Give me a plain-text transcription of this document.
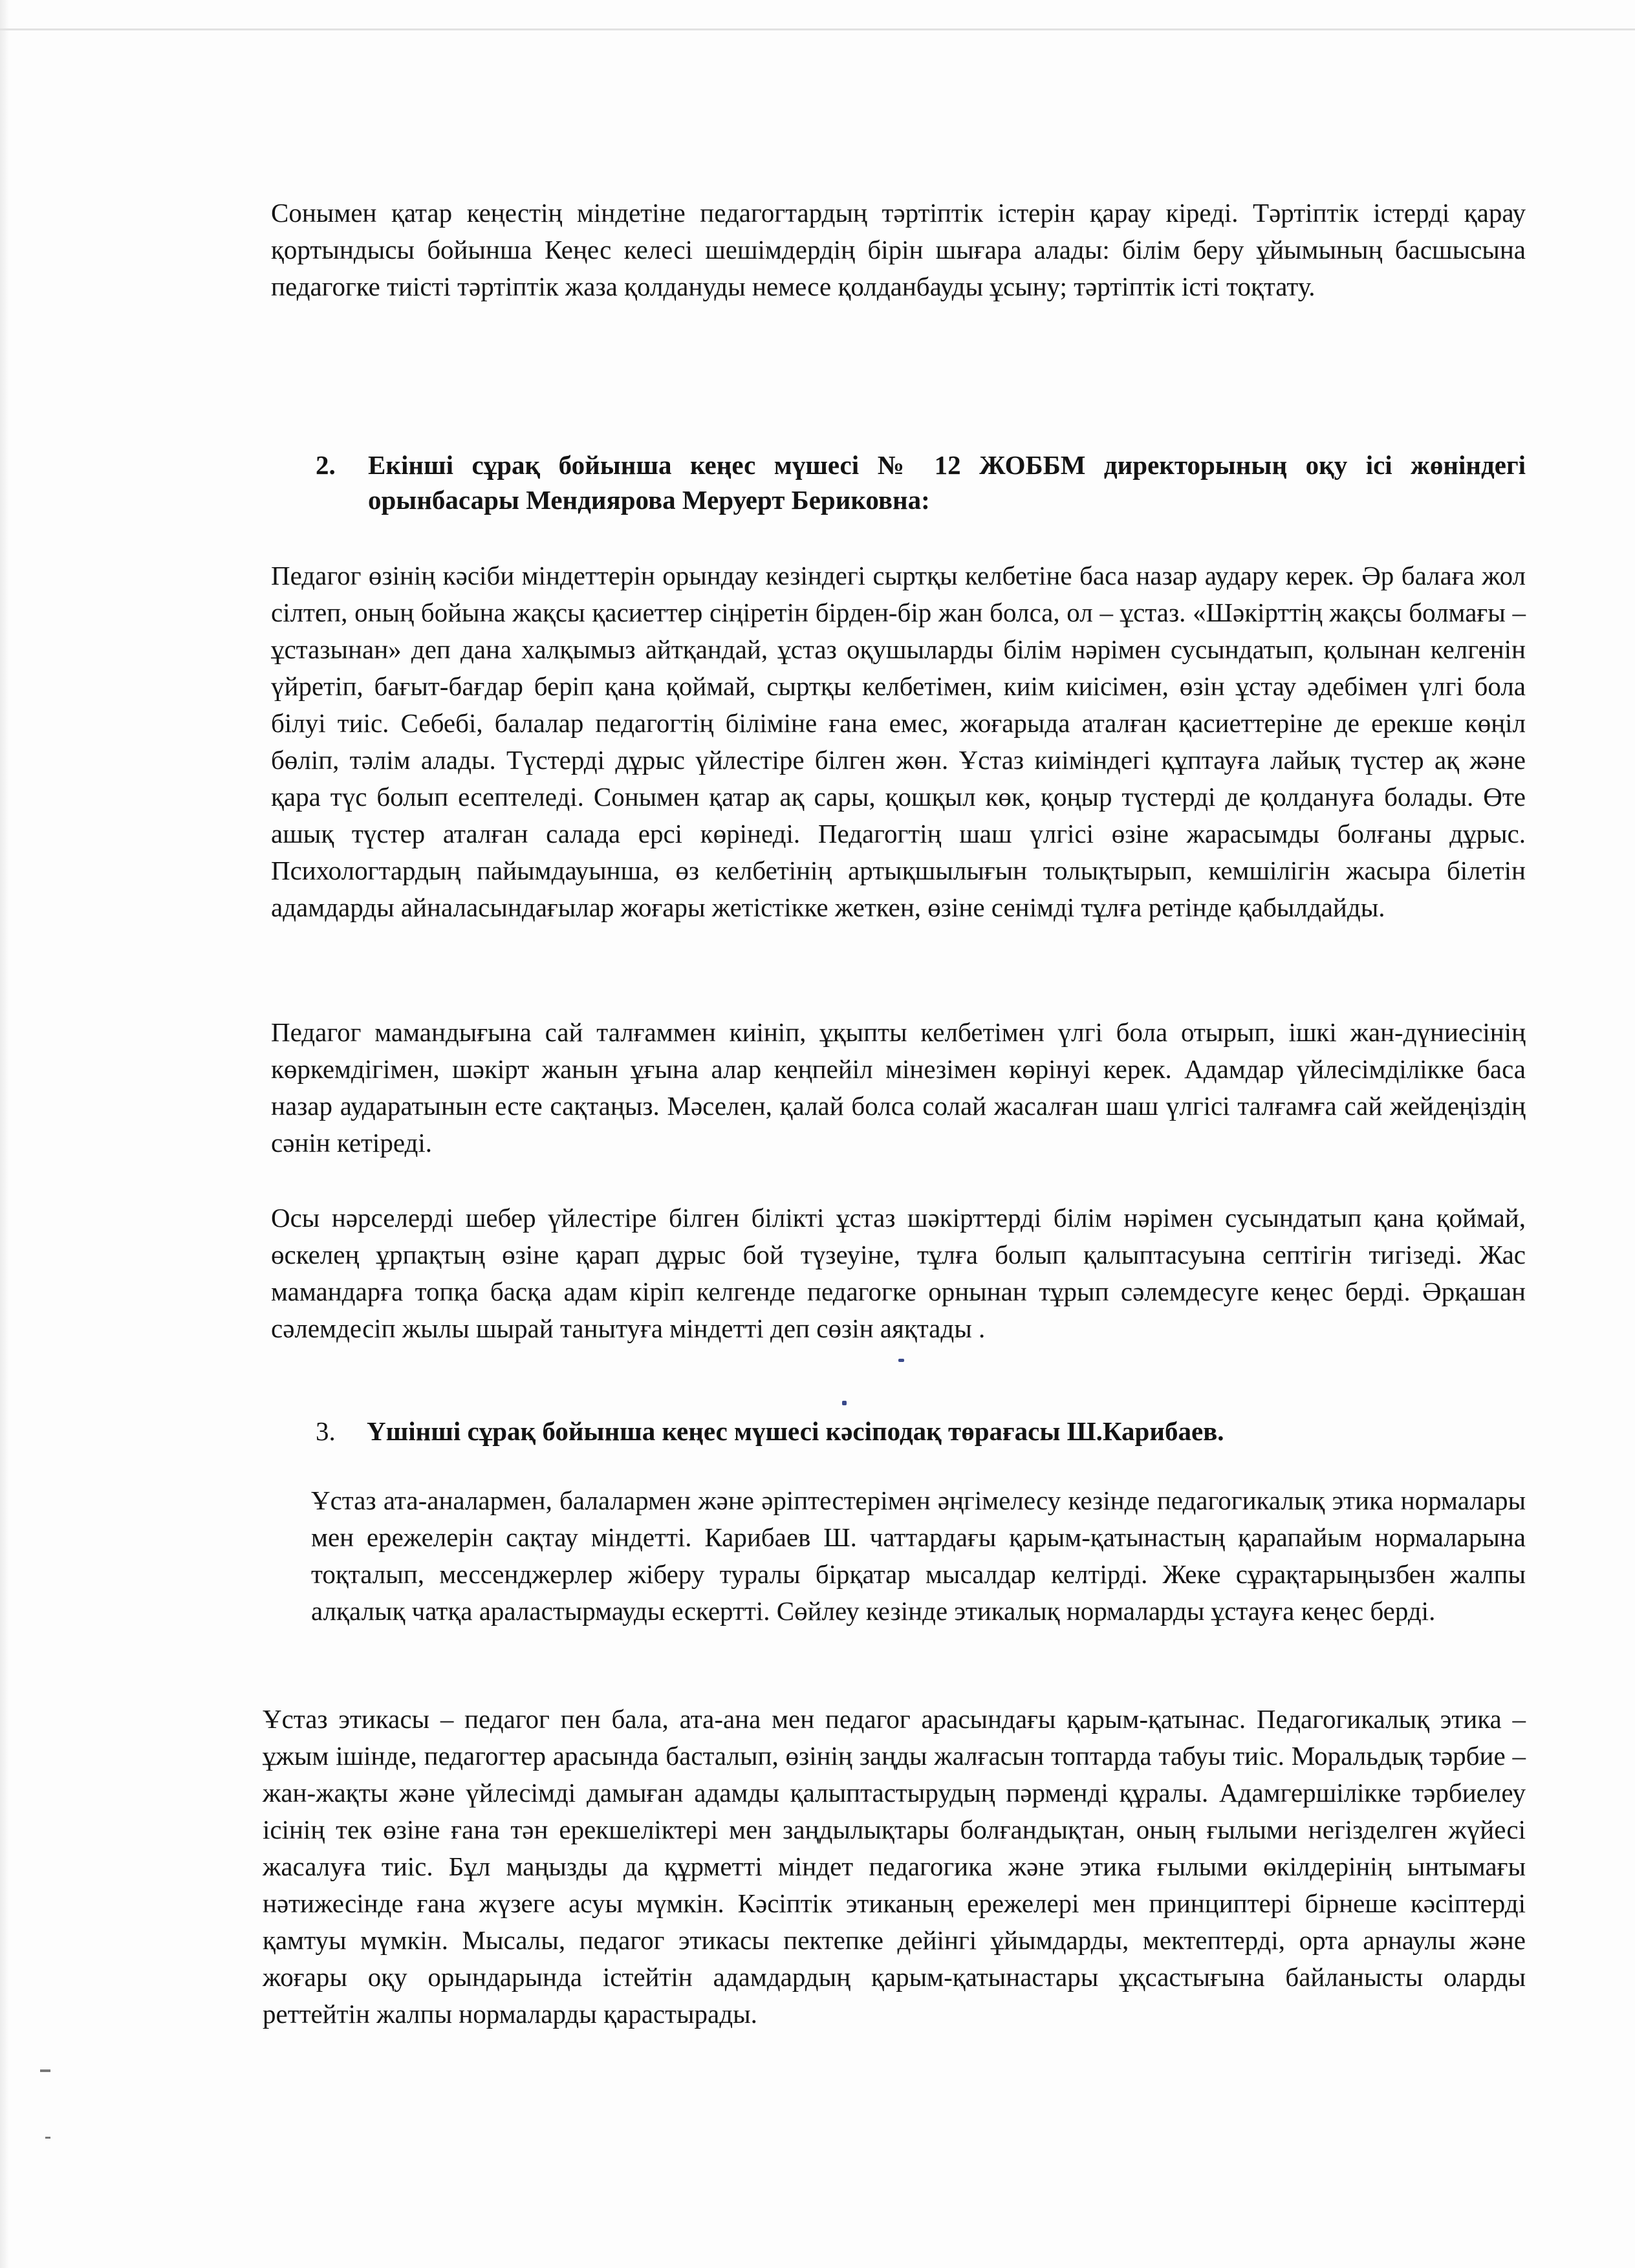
Сонымен қатар кеңестің міндетіне педагогтардың тәртіптік істерін қарау кіреді. Тәртіптік істерді қарау қортындысы бойынша Кеңес келесі шешімдердің бірін шығара алады: білім беру ұйымының басшысына педагогке тиісті тәртіптік жаза қолдануды немесе қолданбауды ұсыну; тәртіптік істі тоқтату.

2.	Екінші сұрақ бойынша кеңес мүшесі № 12 ЖОББМ директорының оқу ісі жөніндегі орынбасары Мендиярова Меруерт Бериковна:

Педагог өзінің кәсіби міндеттерін орындау кезіндегі сыртқы келбетіне баса назар аудару керек. Әр балаға жол сілтеп, оның бойына жақсы қасиеттер сіңіретін бірден-бір жан болса, ол – ұстаз. «Шәкірттің жақсы болмағы –ұстазынан» деп дана халқымыз айтқандай, ұстаз оқушыларды білім нәрімен сусындатып, қолынан келгенін үйретіп, бағыт-бағдар беріп қана қоймай, сыртқы келбетімен, киім киісімен, өзін ұстау әдебімен үлгі бола білуі тиіс. Себебі, балалар педагогтің біліміне ғана емес, жоғарыда аталған қасиеттеріне де ерекше көңіл бөліп, тәлім алады. Түстерді дұрыс үйлестіре білген жөн. Ұстаз киіміндегі құптауға лайық түстер ақ және қара түс болып есептеледі. Сонымен қатар ақ сары, қошқыл көк, қоңыр түстерді де қолдануға болады. Өте ашық түстер аталған салада ерсі көрінеді. Педагогтің шаш үлгісі өзіне жарасымды болғаны дұрыс. Психологтардың пайымдауынша, өз келбетінің артықшылығын толықтырып, кемшілігін жасыра білетін адамдарды айналасындағылар жоғары жетістікке жеткен, өзіне сенімді тұлға ретінде қабылдайды.

Педагог мамандығына сай талғаммен киініп, ұқыпты келбетімен үлгі бола отырып, ішкі жан-дүниесінің көркемдігімен, шәкірт жанын ұғына алар кеңпейіл мінезімен көрінуі керек. Адамдар үйлесімділікке баса назар аударатынын есте сақтаңыз. Мәселен, қалай болса солай жасалған шаш үлгісі талғамға сай жейдеңіздің сәнін кетіреді.

Осы нәрселерді шебер үйлестіре білген білікті ұстаз шәкірттерді білім нәрімен сусындатып қана қоймай, өскелең ұрпақтың өзіне қарап дұрыс бой түзеуіне, тұлға болып қалыптасуына септігін тигізеді. Жас мамандарға топқа басқа адам кіріп келгенде педагогке орнынан тұрып сәлемдесуге кеңес берді. Әрқашан сәлемдесіп жылы шырай танытуға міндетті деп сөзін аяқтады .

3.	Үшінші сұрақ бойынша кеңес мүшесі кәсіподақ төрағасы Ш.Карибаев.

Ұстаз ата-аналармен, балалармен және әріптестерімен әңгімелесу кезінде педагогикалық этика нормалары мен ережелерін сақтау міндетті. Карибаев Ш. чаттардағы қарым-қатынастың қарапайым нормаларына тоқталып, мессенджерлер жіберу туралы бірқатар мысалдар келтірді. Жеке сұрақтарыңызбен жалпы алқалық чатқа араластырмауды ескертті. Сөйлеу кезінде этикалық нормаларды ұстауға кеңес берді.

Ұстаз этикасы – педагог пен бала, ата-ана мен педагог арасындағы қарым-қатынас. Педагогикалық этика – ұжым ішінде, педагогтер арасында басталып, өзінің заңды жалғасын топтарда табуы тиіс. Моральдық тәрбие – жан-жақты және үйлесімді дамыған адамды қалыптастырудың пәрменді құралы. Адамгершілікке тәрбиелеу ісінің тек өзіне ғана тән ерекшеліктері мен заңдылықтары болғандықтан, оның ғылыми негізделген жүйесі жасалуға тиіс. Бұл маңызды да құрметті міндет педагогика және этика ғылыми өкілдерінің ынтымағы нәтижесінде ғана жүзеге асуы мүмкін. Кәсіптік этиканың ережелері мен принциптері бірнеше кәсіптерді қамтуы мүмкін. Мысалы, педагог этикасы пектепке дейінгі ұйымдарды, мектептерді, орта арнаулы және жоғары оқу орындарында істейтін адамдардың қарым-қатынастары ұқсастығына байланысты оларды реттейтін жалпы нормаларды қарастырады.
